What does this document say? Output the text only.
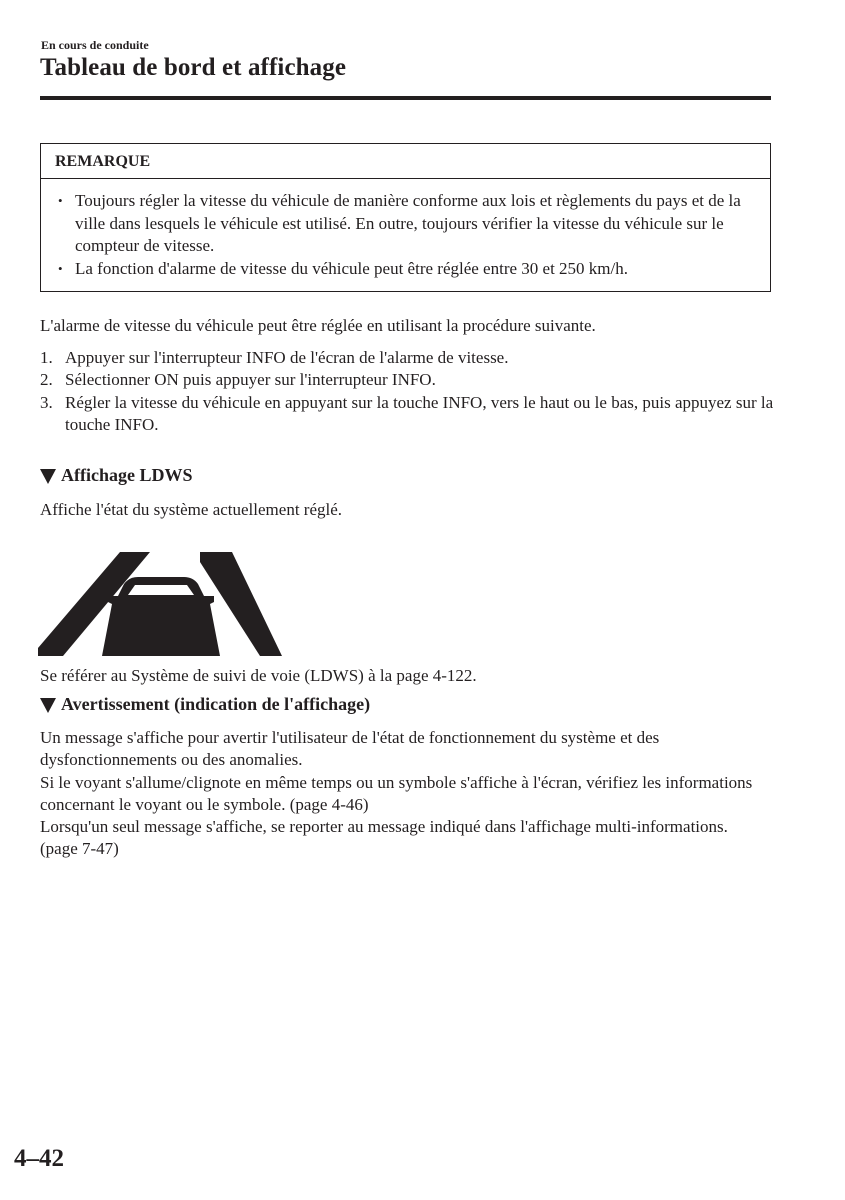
En cours de conduite
Tableau de bord et affichage
REMARQUE
• Toujours régler la vitesse du véhicule de manière conforme aux lois et règlements du pays et de la ville dans lesquels le véhicule est utilisé. En outre, toujours vérifier la vitesse du véhicule sur le compteur de vitesse.
• La fonction d'alarme de vitesse du véhicule peut être réglée entre 30 et 250 km/h.

L'alarme de vitesse du véhicule peut être réglée en utilisant la procédure suivante.

1. Appuyer sur l'interrupteur INFO de l'écran de l'alarme de vitesse.
2. Sélectionner ON puis appuyer sur l'interrupteur INFO.
3. Régler la vitesse du véhicule en appuyant sur la touche INFO, vers le haut ou le bas, puis appuyez sur la touche INFO.
Affichage LDWS

Affiche l'état du système actuellement réglé.

Se référer au Système de suivi de voie (LDWS) à la page 4-122.

Avertissement (indication de l'affichage)
Un message s'affiche pour avertir l'utilisateur de l'état de fonctionnement du système et des dysfonctionnements ou des anomalies.
Si le voyant s'allume/clignote en même temps ou un symbole s'affiche à l'écran, vérifiez les informations concernant le voyant ou le symbole. (page 4-46)
Lorsqu'un seul message s'affiche, se reporter au message indiqué dans l'affichage multi-informations. (page 7-47)
4–42
